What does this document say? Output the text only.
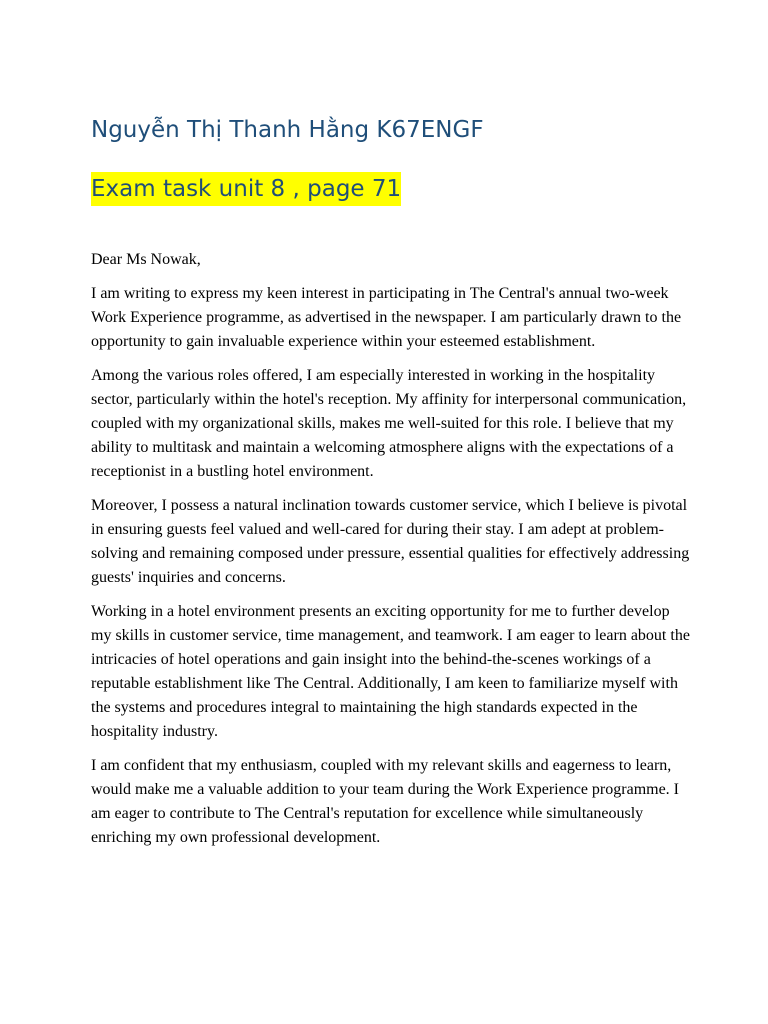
Nguyễn Thị Thanh Hằng K67ENGF
Exam task unit 8 , page 71

Dear Ms Nowak,

I am writing to express my keen interest in participating in The Central's annual two-week Work Experience programme, as advertised in the newspaper. I am particularly drawn to the opportunity to gain invaluable experience within your esteemed establishment.

Among the various roles offered, I am especially interested in working in the hospitality sector, particularly within the hotel's reception. My affinity for interpersonal communication, coupled with my organizational skills, makes me well-suited for this role. I believe that my ability to multitask and maintain a welcoming atmosphere aligns with the expectations of a receptionist in a bustling hotel environment.

Moreover, I possess a natural inclination towards customer service, which I believe is pivotal in ensuring guests feel valued and well-cared for during their stay. I am adept at problem-solving and remaining composed under pressure, essential qualities for effectively addressing guests' inquiries and concerns.

Working in a hotel environment presents an exciting opportunity for me to further develop my skills in customer service, time management, and teamwork. I am eager to learn about the intricacies of hotel operations and gain insight into the behind-the-scenes workings of a reputable establishment like The Central. Additionally, I am keen to familiarize myself with the systems and procedures integral to maintaining the high standards expected in the hospitality industry.

I am confident that my enthusiasm, coupled with my relevant skills and eagerness to learn, would make me a valuable addition to your team during the Work Experience programme. I am eager to contribute to The Central's reputation for excellence while simultaneously enriching my own professional development.
